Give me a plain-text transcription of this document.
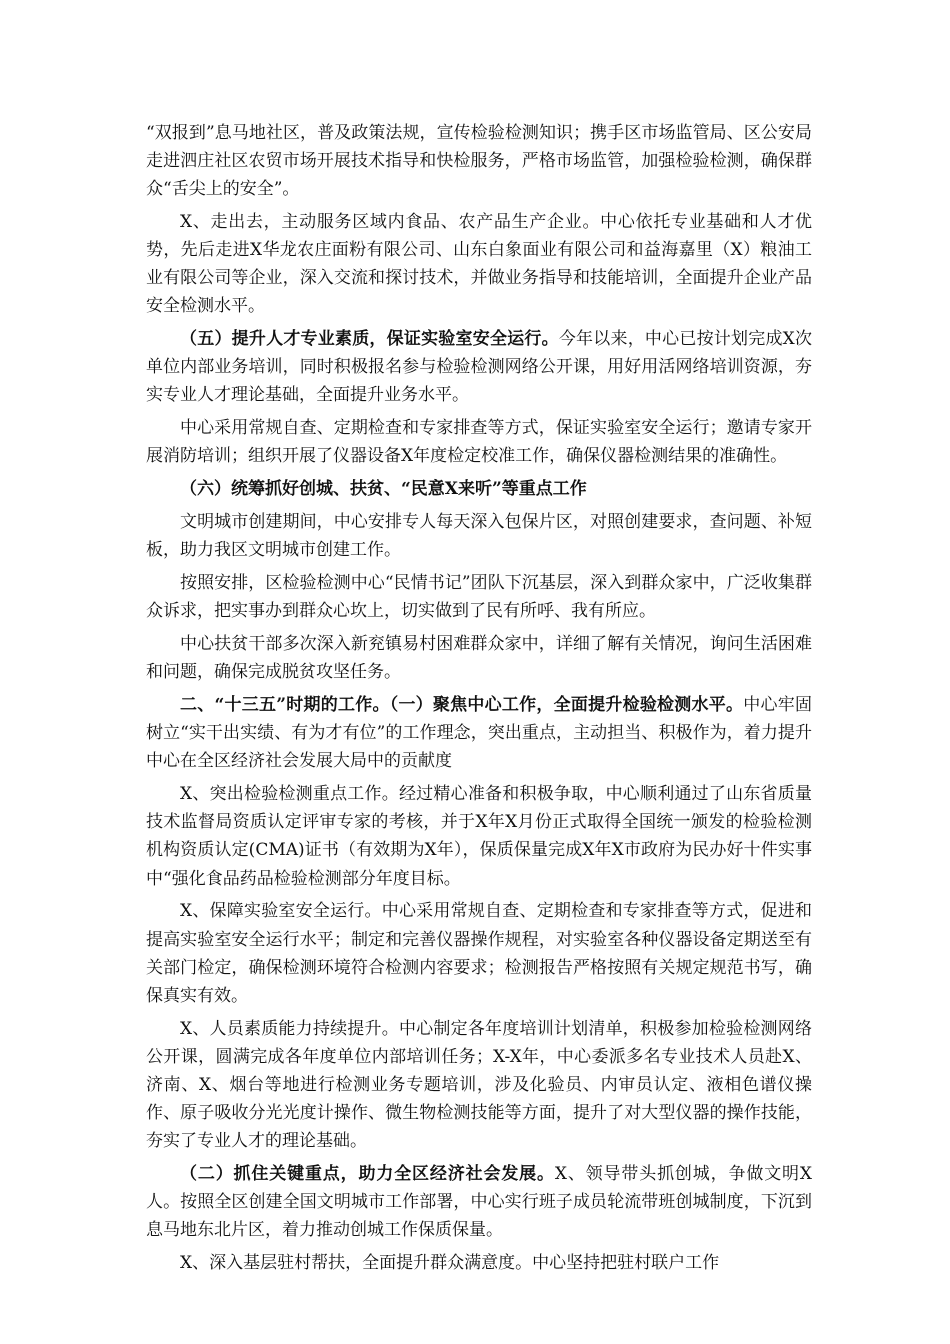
“双报到”息马地社区，普及政策法规，宣传检验检测知识；携手区市场监管局、区公安局走进泗庄社区农贸市场开展技术指导和快检服务，严格市场监管，加强检验检测，确保群众“舌尖上的安全”。

X、走出去，主动服务区域内食品、农产品生产企业。中心依托专业基础和人才优势，先后走进X华龙农庄面粉有限公司、山东白象面业有限公司和益海嘉里（X）粮油工业有限公司等企业，深入交流和探讨技术，并做业务指导和技能培训，全面提升企业产品安全检测水平。

（五）提升人才专业素质，保证实验室安全运行。今年以来，中心已按计划完成X次单位内部业务培训，同时积极报名参与检验检测网络公开课，用好用活网络培训资源，夯实专业人才理论基础，全面提升业务水平。

中心采用常规自查、定期检查和专家排查等方式，保证实验室安全运行；邀请专家开展消防培训；组织开展了仪器设备X年度检定校准工作，确保仪器检测结果的准确性。

（六）统筹抓好创城、扶贫、“民意X来听”等重点工作

文明城市创建期间，中心安排专人每天深入包保片区，对照创建要求，查问题、补短板，助力我区文明城市创建工作。

按照安排，区检验检测中心“民情书记”团队下沉基层，深入到群众家中，广泛收集群众诉求，把实事办到群众心坎上，切实做到了民有所呼、我有所应。

中心扶贫干部多次深入新兖镇易村困难群众家中，详细了解有关情况，询问生活困难和问题，确保完成脱贫攻坚任务。

二、“十三五”时期的工作。（一）聚焦中心工作，全面提升检验检测水平。中心牢固树立“实干出实绩、有为才有位”的工作理念，突出重点，主动担当、积极作为，着力提升中心在全区经济社会发展大局中的贡献度

X、突出检验检测重点工作。经过精心准备和积极争取，中心顺利通过了山东省质量技术监督局资质认定评审专家的考核，并于X年X月份正式取得全国统一颁发的检验检测机构资质认定(CMA)证书（有效期为X年），保质保量完成X年X市政府为民办好十件实事中“强化食品药品检验检测部分年度目标。

X、保障实验室安全运行。中心采用常规自查、定期检查和专家排查等方式，促进和提高实验室安全运行水平；制定和完善仪器操作规程，对实验室各种仪器设备定期送至有关部门检定，确保检测环境符合检测内容要求；检测报告严格按照有关规定规范书写，确保真实有效。

X、人员素质能力持续提升。中心制定各年度培训计划清单，积极参加检验检测网络公开课，圆满完成各年度单位内部培训任务；X-X年，中心委派多名专业技术人员赴X、济南、X、烟台等地进行检测业务专题培训，涉及化验员、内审员认定、液相色谱仪操作、原子吸收分光光度计操作、微生物检测技能等方面，提升了对大型仪器的操作技能，夯实了专业人才的理论基础。

（二）抓住关键重点，助力全区经济社会发展。X、领导带头抓创城，争做文明X人。按照全区创建全国文明城市工作部署，中心实行班子成员轮流带班创城制度，下沉到息马地东北片区，着力推动创城工作保质保量。

X、深入基层驻村帮扶，全面提升群众满意度。中心坚持把驻村联户工作
